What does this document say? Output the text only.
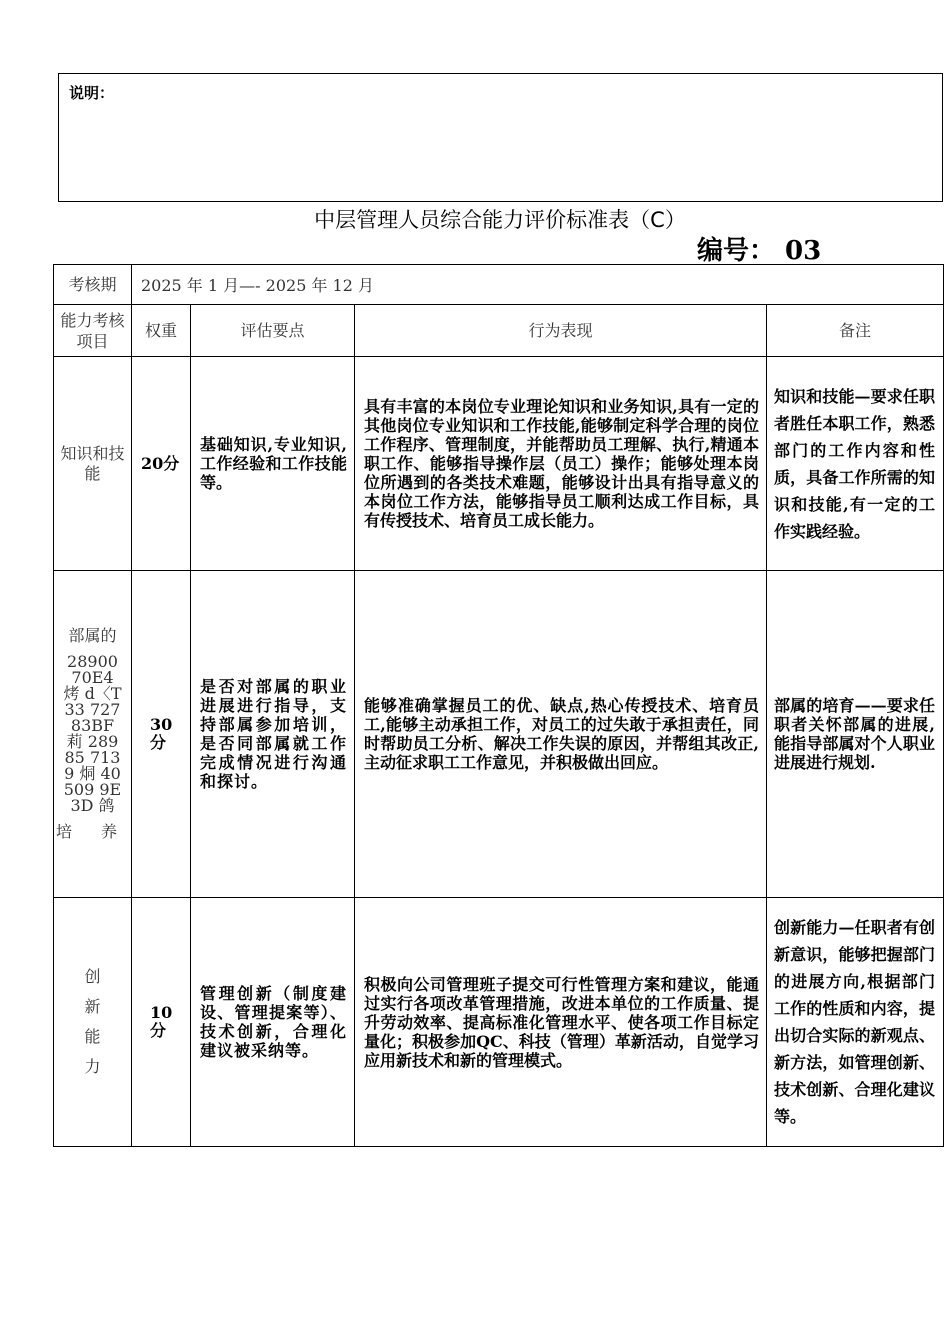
说明：
中层管理人员综合能力评价标准表（C）
编号： 03
考核期	2025 年 1 月—- 2025 年 12 月			
能力考核项目	权重	评估要点	行为表现	备注
知识和技能	20分	基础知识,专业知识,工作经验和工作技能等。	具有丰富的本岗位专业理论知识和业务知识,具有一定的其他岗位专业知识和工作技能,能够制定科学合理的岗位工作程序、管理制度，并能帮助员工理解、执行,精通本职工作、能够指导操作层（员工）操作；能够处理本岗位所遇到的各类技术难题，能够设计出具有指导意义的本岗位工作方法，能够指导员工顺利达成工作目标，具有传授技术、培育员工成长能力。	知识和技能—要求任职者胜任本职工作，熟悉部门的工作内容和性质，具备工作所需的知识和技能,有一定的工作实践经验。

部属的
28900 70E4 烤 d〈T33 727 83BF 莉 28985 7139 烔 40509 9E3D 鸽
培 养	30分	是否对部属的职业进展进行指导，支持部属参加培训，是否同部属就工作完成情况进行沟通和探讨。	能够准确掌握员工的优、缺点,热心传授技术、培育员工,能够主动承担工作，对员工的过失敢于承担责任，同时帮助员工分析、解决工作失误的原因，并帮组其改正,主动征求职工工作意见，并积极做出回应。	部属的培育——要求任职者关怀部属的进展,能指导部属对个人职业进展进行规划.
创 新 能 力	10分	管理创新（制度建设、管理提案等）、技术创新，合理化建议被采纳等。	积极向公司管理班子提交可行性管理方案和建议，能通过实行各项改革管理措施，改进本单位的工作质量、提升劳动效率、提高标准化管理水平、使各项工作目标定量化；积极参加QC、科技（管理）革新活动，自觉学习应用新技术和新的管理模式。	创新能力—任职者有创新意识，能够把握部门的进展方向,根据部门工作的性质和内容，提出切合实际的新观点、新方法，如管理创新、技术创新、合理化建议等。
